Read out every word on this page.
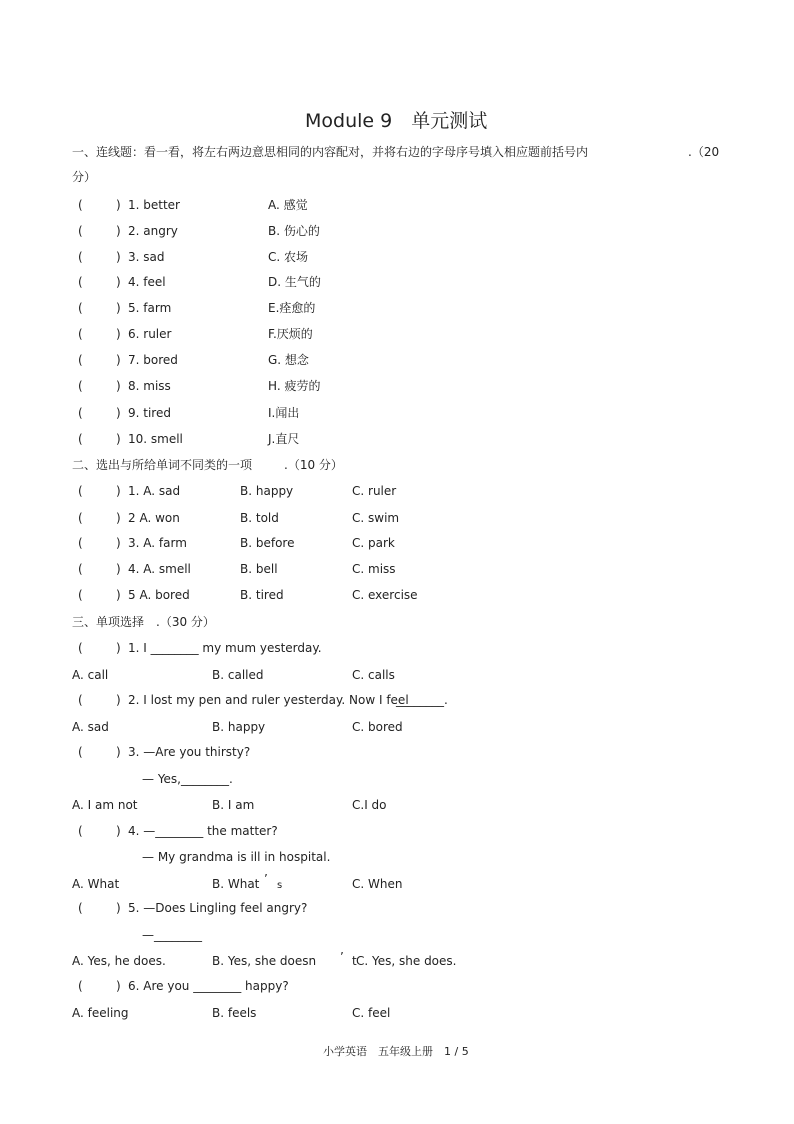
Module 9　单元测试
一、连线题：看一看，将左右两边意思相同的内容配对，并将右边的字母序号填入相应题前括号内	.（20
分）
(	) 1. better	A. 感觉
(	) 2. angry	B. 伤心的
(	) 3. sad	C. 农场
(	) 4. feel	D. 生气的
(	) 5. farm	E.痊愈的
(	) 6. ruler	F.厌烦的
(	) 7. bored	G. 想念
(	) 8. miss	H. 疲劳的
(	) 9. tired	I.闻出
(	) 10. smell	J.直尺
二、选出与所给单词不同类的一项	.（10 分）
(	) 1. A. sad	B. happy	C. ruler
(	) 2 A. won	B. told	C. swim
(	) 3. A. farm	B. before	C. park
(	) 4. A. smell	B. bell	C. miss
(	) 5 A. bored	B. tired	C. exercise
三、单项选择 .（30 分）
(	) 1. I ________ my mum yesterday.
A. call	B. called	C. calls
(	) 2. I lost my pen and ruler yesterday. Now I feel
________.
A. sad	B. happy	C. bored
(	) 3. —Are you thirsty?
— Yes,________.
A. I am not	B. I am	C.I do
(	) 4. —________ the matter?
— My grandma is ill in hospital.
A. What	B. What ’ s	C. When
(	) 5. —Does Lingling feel angry?
—________
A. Yes, he does.	B. Yes, she doesn ’ t C. Yes, she does.
(	) 6. Are you ________ happy?
A. feeling	B. feels	C. feel
小学英语 五年级上册 1 / 5
